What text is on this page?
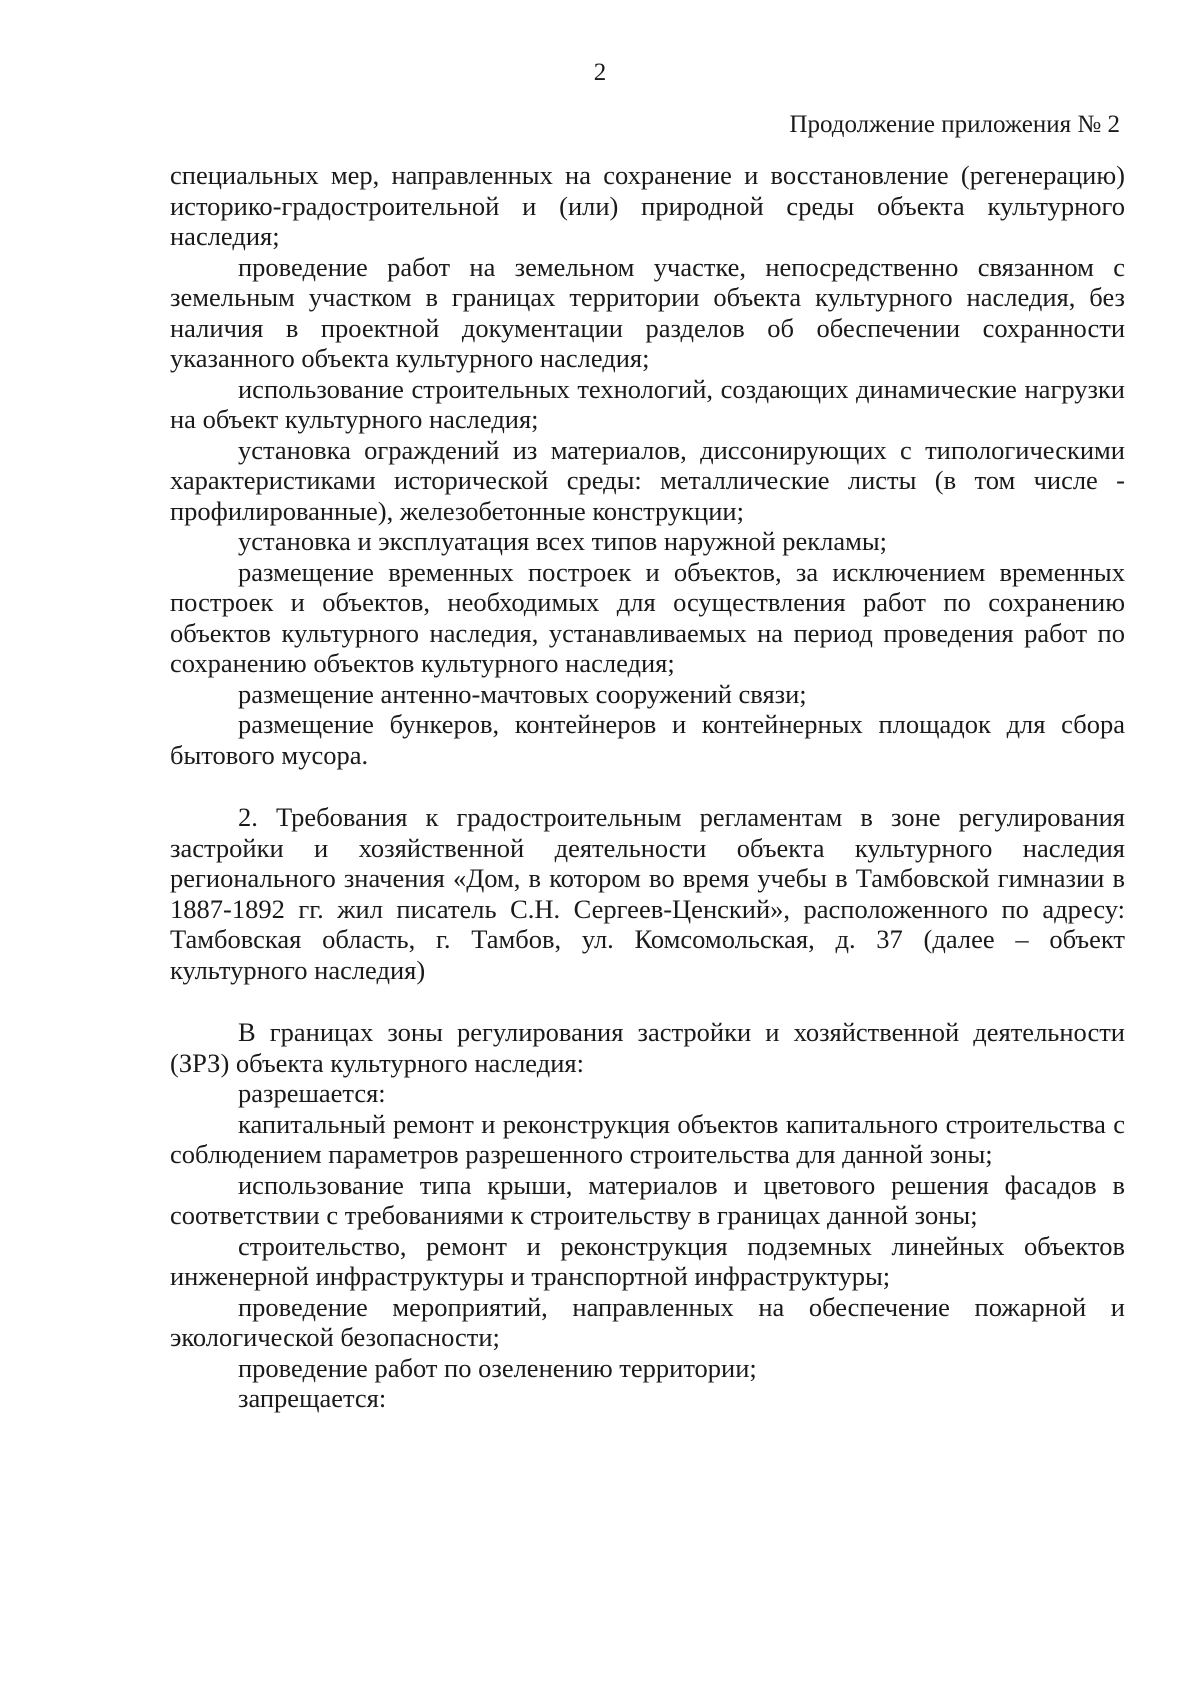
2
Продолжение приложения № 2

специальных мер, направленных на сохранение и восстановление (регенерацию) историко-градостроительной и (или) природной среды объекта культурного наследия;

проведение работ на земельном участке, непосредственно связанном с земельным участком в границах территории объекта культурного наследия, без наличия в проектной документации разделов об обеспечении сохранности указанного объекта культурного наследия;

использование строительных технологий, создающих динамические нагрузки на объект культурного наследия;

установка ограждений из материалов, диссонирующих с типологическими характеристиками исторической среды: металлические листы (в том числе - профилированные), железобетонные конструкции;

установка и эксплуатация всех типов наружной рекламы;

размещение временных построек и объектов, за исключением временных построек и объектов, необходимых для осуществления работ по сохранению объектов культурного наследия, устанавливаемых на период проведения работ по сохранению объектов культурного наследия;

размещение антенно-мачтовых сооружений связи;

размещение бункеров, контейнеров и контейнерных площадок для сбора бытового мусора.

2. Требования к градостроительным регламентам в зоне регулирования застройки и хозяйственной деятельности объекта культурного наследия регионального значения «Дом, в котором во время учебы в Тамбовской гимназии в 1887-1892 гг. жил писатель С.Н. Сергеев-Ценский», расположенного по адресу: Тамбовская область, г. Тамбов, ул. Комсомольская, д. 37 (далее – объект культурного наследия)

В границах зоны регулирования застройки и хозяйственной деятельности (ЗРЗ) объекта культурного наследия:

разрешается:

капитальный ремонт и реконструкция объектов капитального строительства с соблюдением параметров разрешенного строительства для данной зоны;

использование типа крыши, материалов и цветового решения фасадов в соответствии с требованиями к строительству в границах данной зоны;

строительство, ремонт и реконструкция подземных линейных объектов инженерной инфраструктуры и транспортной инфраструктуры;

проведение мероприятий, направленных на обеспечение пожарной и экологической безопасности;

проведение работ по озеленению территории;

запрещается:
